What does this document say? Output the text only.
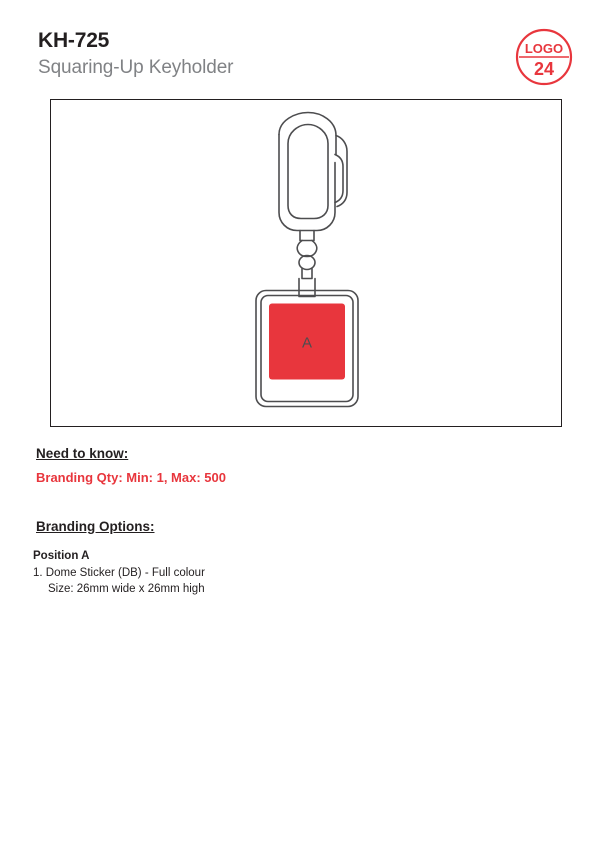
KH-725
Squaring-Up Keyholder
LOGO
24
A

Need to know:

Branding Qty: Min: 1, Max: 500

Branding Options:

Position A

1. Dome Sticker (DB) - Full colour

Size: 26mm wide x 26mm high
